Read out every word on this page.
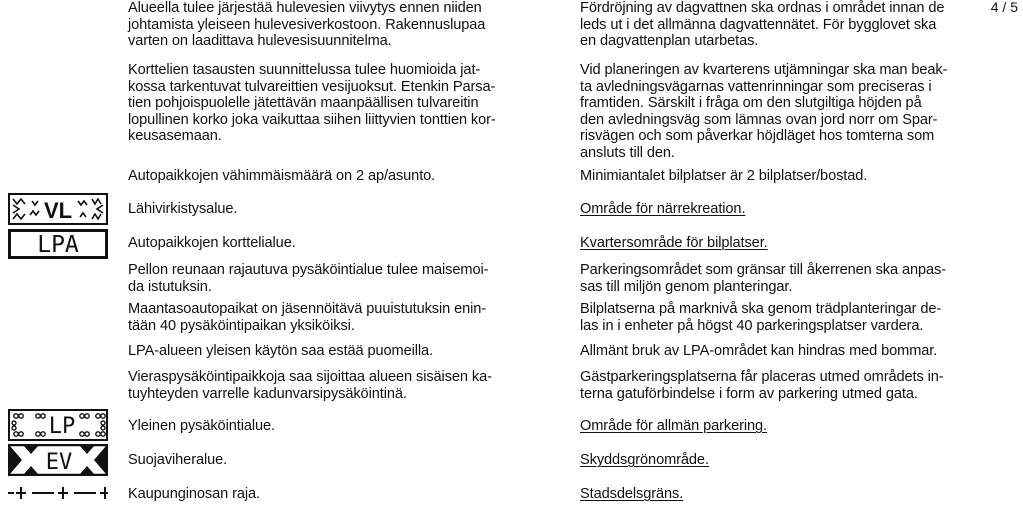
4 / 5
VL
LPA
LP
EV
Alueella tulee järjestää hulevesien viivytys ennen niiden
johtamista yleiseen hulevesiverkostoon. Rakennuslupaa
varten on laadittava hulevesisuunnitelma.
Korttelien tasausten suunnittelussa tulee huomioida jat-
kossa tarkentuvat tulvareittien vesijuoksut. Etenkin Parsa-
tien pohjoispuolelle jätettävän maanpäällisen tulvareitin
lopullinen korko joka vaikuttaa siihen liittyvien tonttien kor-
keusasemaan.
Autopaikkojen vähimmäismäärä on 2 ap/asunto.
Lähivirkistysalue.
Autopaikkojen korttelialue.
Pellon reunaan rajautuva pysäköintialue tulee maisemoi-
da istutuksin.
Maantasoautopaikat on jäsennöitävä puuistutuksin enin-
tään 40 pysäköintipaikan yksiköiksi.
LPA-alueen yleisen käytön saa estää puomeilla.
Vieraspysäköintipaikkoja saa sijoittaa alueen sisäisen ka-
tuyhteyden varrelle kadunvarsipysäköintinä.
Yleinen pysäköintialue.
Suojaviheralue.
Kaupunginosan raja.
Fördröjning av dagvattnen ska ordnas i området innan de
leds ut i det allmänna dagvattennätet. För bygglovet ska
en dagvattenplan utarbetas.
Vid planeringen av kvarterens utjämningar ska man beak-
ta avledningsvägarnas vattenrinningar som preciseras i
framtiden. Särskilt i fråga om den slutgiltiga höjden på
den avledningsväg som lämnas ovan jord norr om Spar-
risvägen och som påverkar höjdläget hos tomterna som
ansluts till den.
Minimiantalet bilplatser är 2 bilplatser/bostad.
Område för närrekreation.
Kvartersområde för bilplatser.
Parkeringsområdet som gränsar till åkerrenen ska anpas-
sas till miljön genom planteringar.
Bilplatserna på marknivå ska genom trädplanteringar de-
las in i enheter på högst 40 parkeringsplatser vardera.
Allmänt bruk av LPA-området kan hindras med bommar.
Gästparkeringsplatserna får placeras utmed områdets in-
terna gatuförbindelse i form av parkering utmed gata.
Område för allmän parkering.
Skyddsgrönområde.
Stadsdelsgräns.
